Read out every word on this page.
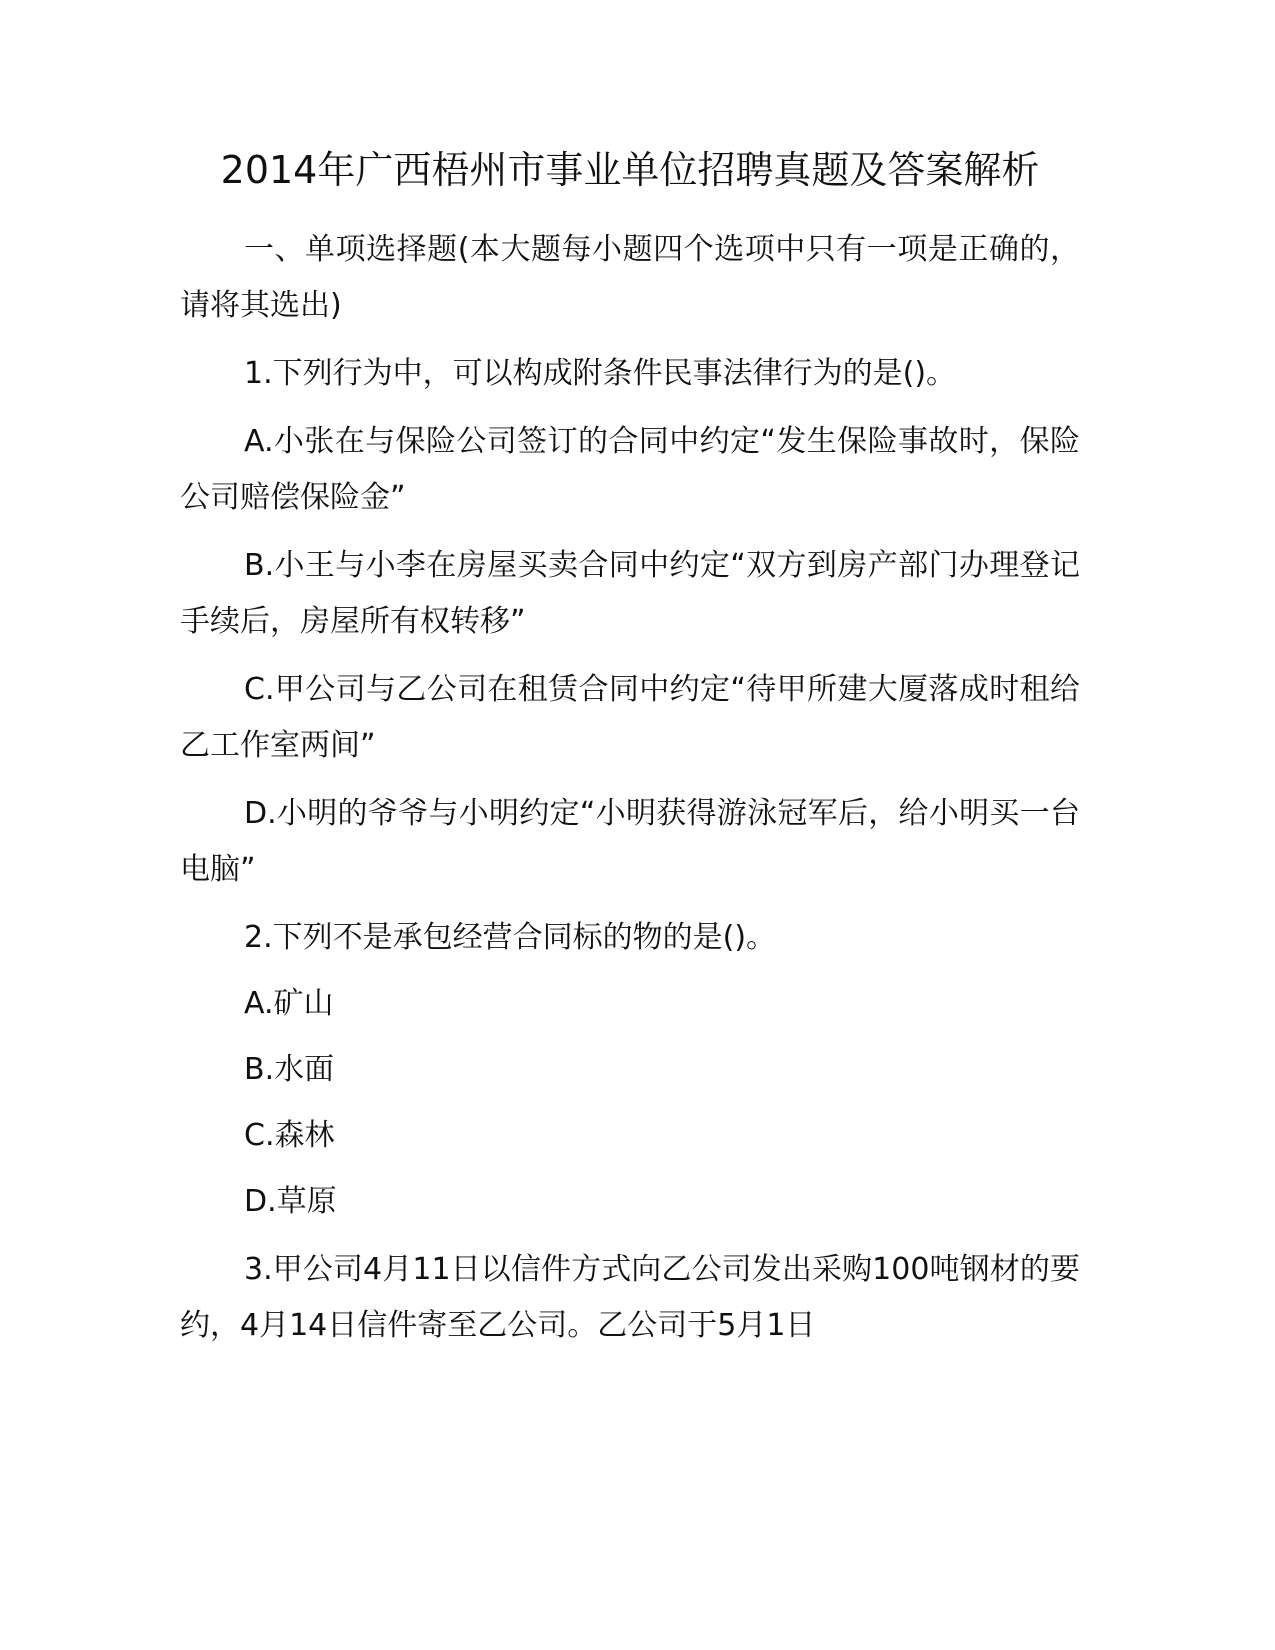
2014年广西梧州市事业单位招聘真题及答案解析

一、单项选择题(本大题每小题四个选项中只有一项是正确的，请将其选出)

1.下列行为中，可以构成附条件民事法律行为的是()。

A.小张在与保险公司签订的合同中约定“发生保险事故时，保险公司赔偿保险金”

B.小王与小李在房屋买卖合同中约定“双方到房产部门办理登记手续后，房屋所有权转移”

C.甲公司与乙公司在租赁合同中约定“待甲所建大厦落成时租给乙工作室两间”

D.小明的爷爷与小明约定“小明获得游泳冠军后，给小明买一台电脑”

2.下列不是承包经营合同标的物的是()。

A.矿山

B.水面

C.森林

D.草原

3.甲公司4月11日以信件方式向乙公司发出采购100吨钢材的要约，4月14日信件寄至乙公司。乙公司于5月1日
